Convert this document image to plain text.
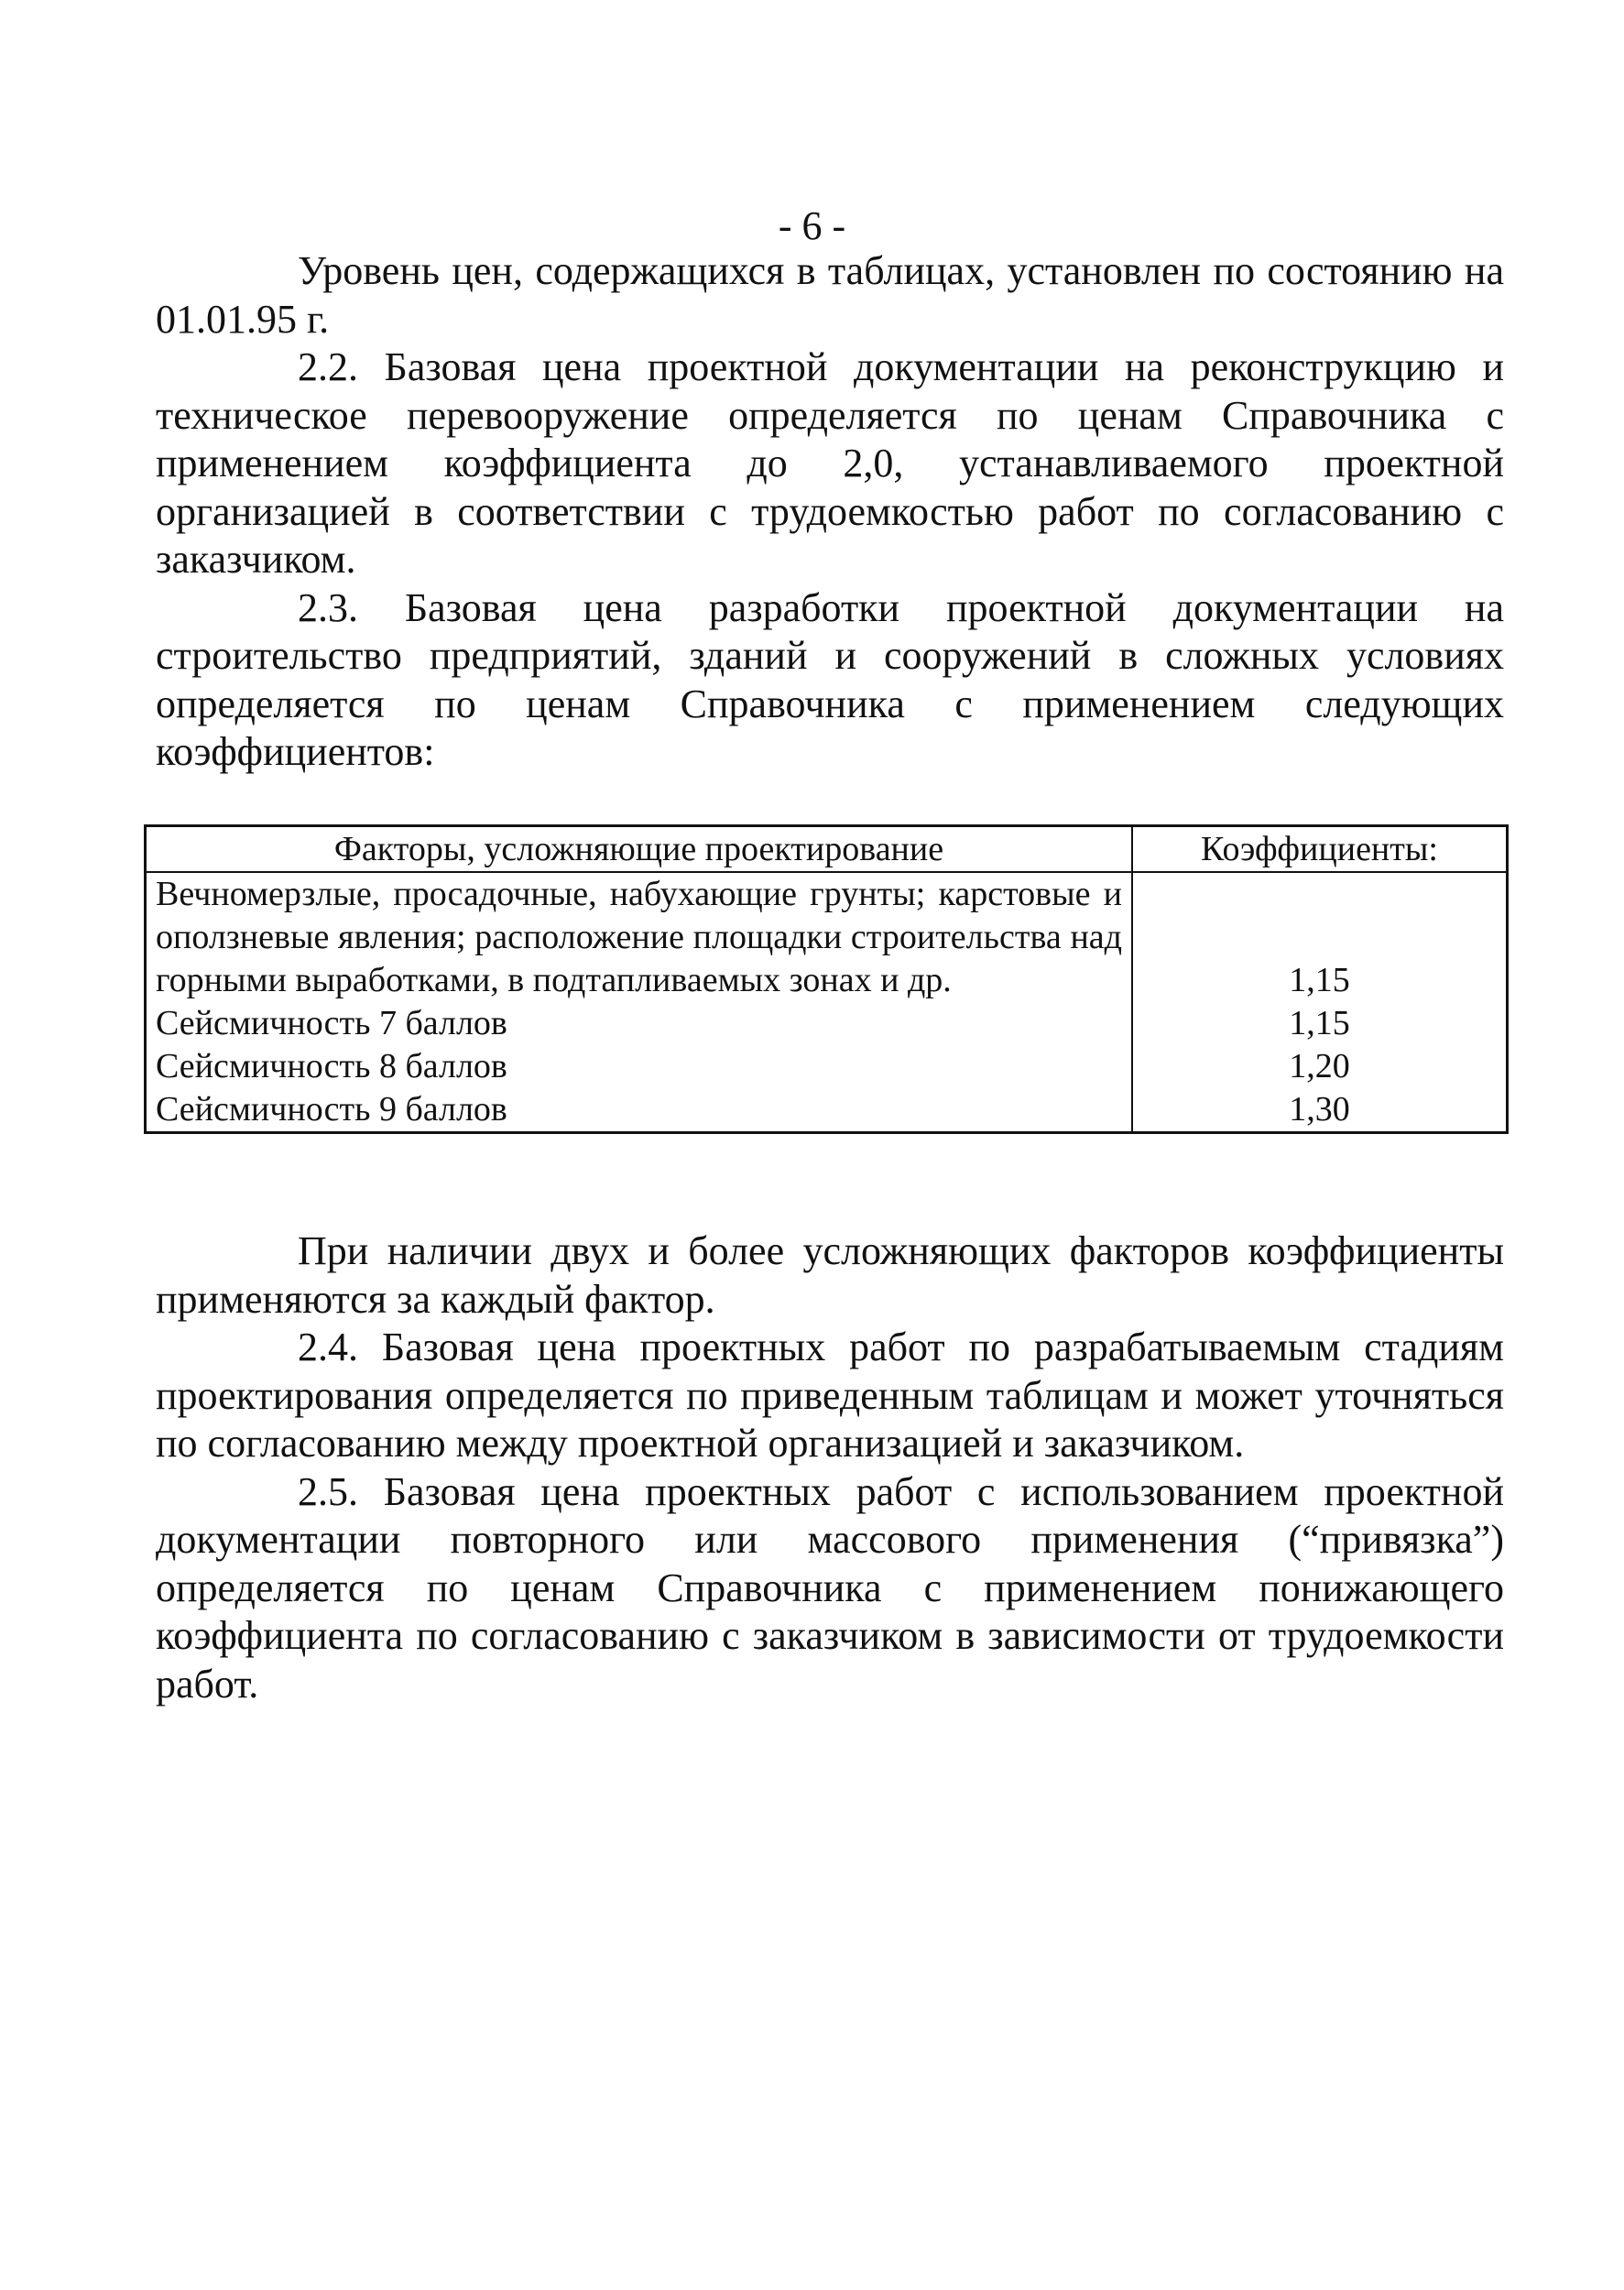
- 6 -

Уровень цен, содержащихся в таблицах, установлен по состоянию на 01.01.95 г.

2.2. Базовая цена проектной документации на реконструкцию и техническое перевооружение определяется по ценам Справочника с применением коэффициента до 2,0, устанавливаемого проектной организацией в соответствии с трудоемкостью работ по согласованию с заказчиком.

2.3. Базовая цена разработки проектной документации на строительство предприятий, зданий и сооружений в сложных условиях определяется по ценам Справочника с применением следующих коэффициентов:

Факторы, усложняющие проектирование	Коэффициенты:
Вечномерзлые, просадочные, набухающие грунты; карстовые и оползневые явления; расположение площадки строительства над горными выработками, в подтапливаемых зонах и др.	1,15
Сейсмичность 7 баллов	1,15
Сейсмичность 8 баллов	1,20
Сейсмичность 9 баллов	1,30

При наличии двух и более усложняющих факторов коэффициенты применяются за каждый фактор.

2.4. Базовая цена проектных работ по разрабатываемым стадиям проектирования определяется по приведенным таблицам и может уточняться по согласованию между проектной организацией и заказчиком.

2.5. Базовая цена проектных работ с использованием проектной документации повторного или массового применения (“привязка”) определяется по ценам Справочника с применением понижающего коэффициента по согласованию с заказчиком в зависимости от трудоемкости работ.
